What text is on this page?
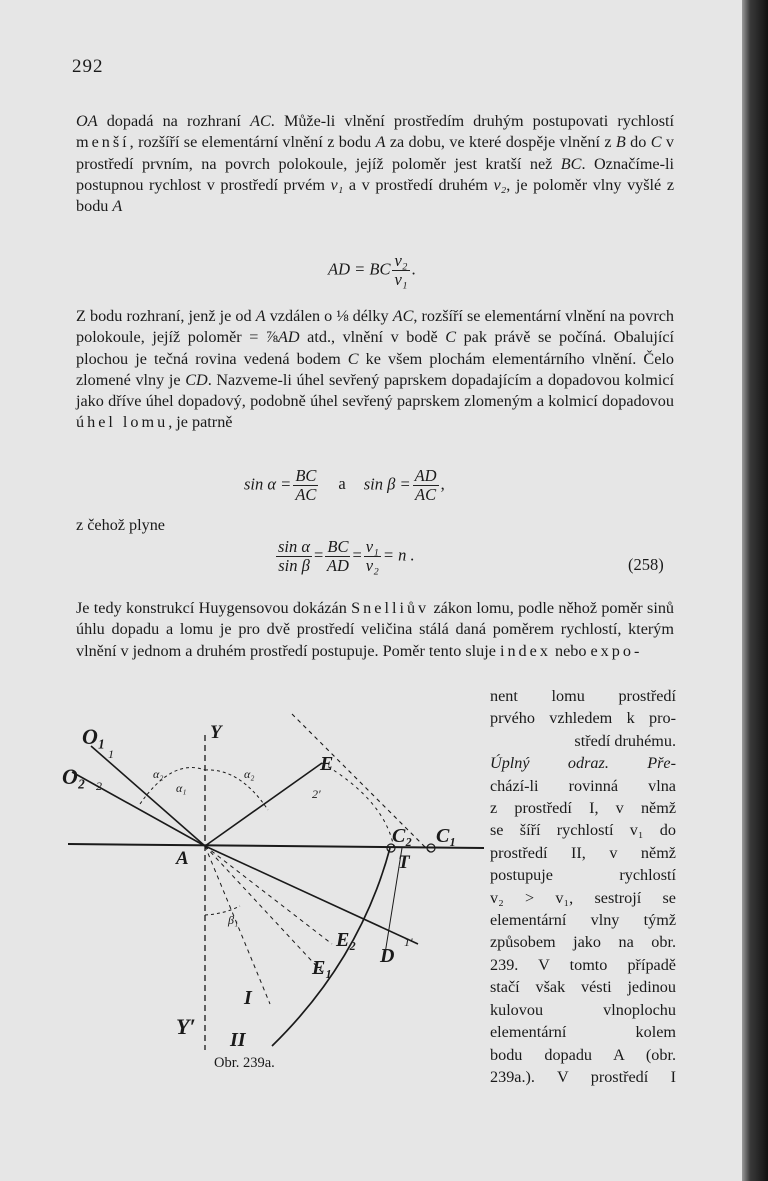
292

OA dopadá na rozhraní AC. Může-li vlnění prostředím druhým postupovati rychlostí menší, rozšíří se elementární vlnění z bodu A za dobu, ve které dospěje vlnění z B do C v prostředí prvním, na povrch polokoule, jejíž poloměr jest kratší než BC. Označíme-li postupnou rychlost v prostředí prvém v₁ a v prostředí druhém v₂, je poloměr vlny vyšlé z bodu A

AD = BC $\frac{\text{v₂}}{\text{v₁}}$ .

Z bodu rozhraní, jenž je od A vzdálen o ⅛ délky AC, rozšíří se elementární vlnění na povrch polokoule, jejíž poloměr = ⅞AD atd., vlnění v bodě C pak právě se počíná. Obalující plochou je tečná rovina vedená bodem C ke všem plochám elementárního vlnění. Čelo zlomené vlny je CD. Nazveme-li úhel sevřený paprskem dopadajícím a dopadovou kolmicí jako dříve úhel dopadový, podobně úhel sevřený paprskem zlomeným a kolmicí dopadovou úhel lomu, je patrně

$\sin \alpha = \frac{BC}{AC}$ a $\sin \beta = \frac{AD}{AC}$ ,
z čehož plyne
$\frac{\text{sin α}}{\text{sin β}} = \frac{BC}{AD} = \frac{\text{v₁}}{\text{v₂}} = n$ .
(258)

Je tedy konstrukcí Huygensovou dokázán Snelliův zákon lomu, podle něhož poměr sinů úhlu dopadu a lomu je pro dvě prostředí veličina stálá daná poměrem rychlostí, kterým vlnění v jednom a druhém prostředí postupuje. Poměr tento sluje index nebo expo-

nent lomu prostředí
prvého vzhledem k pro-
středí druhému.
Úplný odraz. Pře-
chází-li rovinná vlna
z prostředí I, v němž
se šíří rychlostí v₁ do
prostředí II, v němž
postupuje rychlostí
v₂ > v₁, sestrojí se
elementární vlny týmž
způsobem jako na obr.
239. V tomto případě
stačí však vésti jedinou
kulovou vlnoplochu
elementární kolem
bodu dopadu A (obr.
239a.). V prostředí I
O₁
O₂
1
2
Y
Y′
A
E
C₂ C₁
T
D
E₂
E₁
α₂
α₁
α₂
β₁
2′
1′
I
II
Obr. 239a.
